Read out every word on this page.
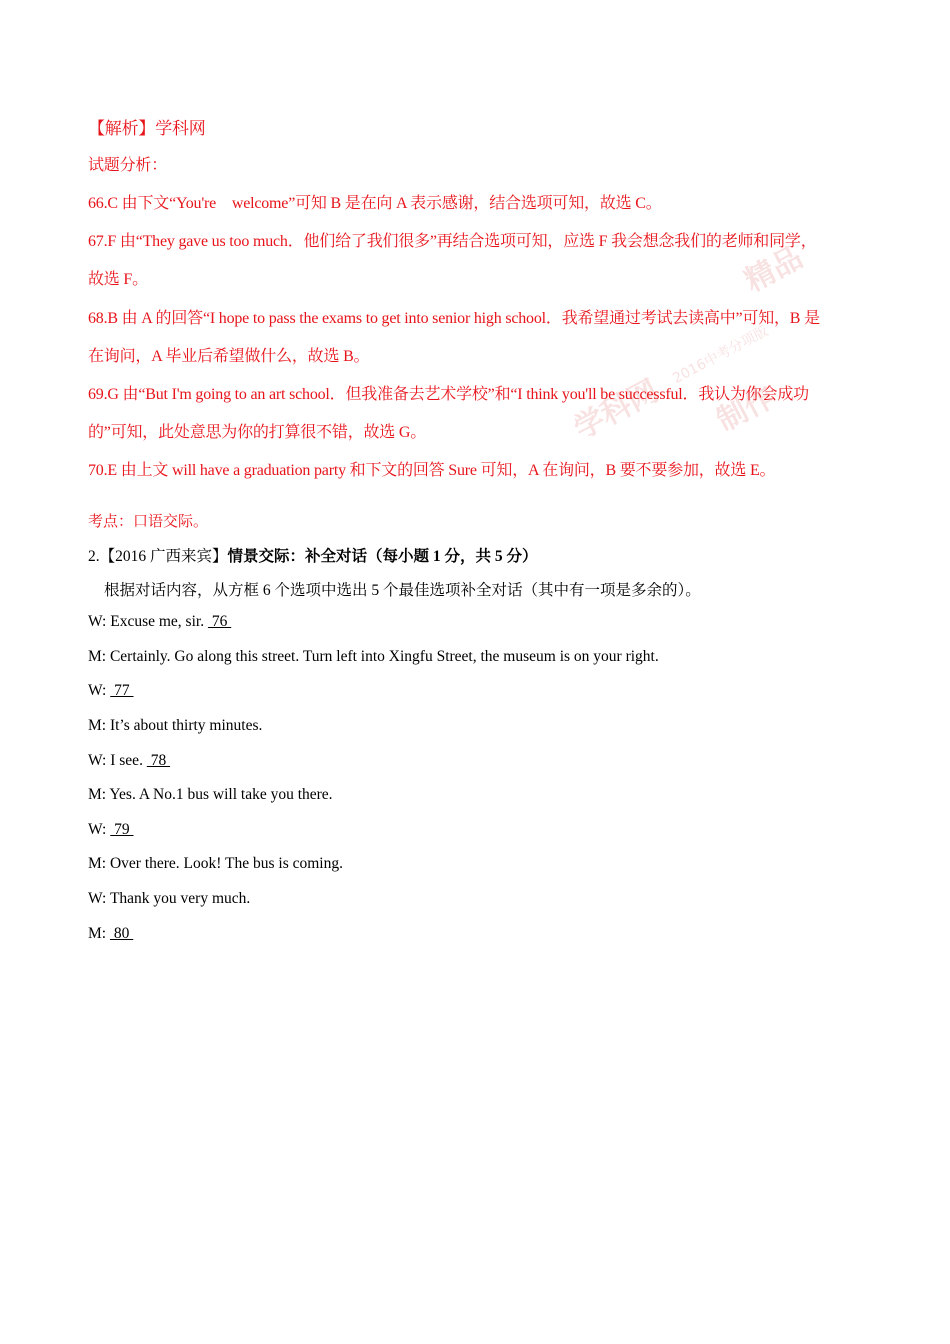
学科网
2016中考分项版
精品
制作
【解析】学科网
试题分析：
66.C 由下文“You're　welcome”可知 B 是在向 A 表示感谢，结合选项可知，故选 C。
67.F 由“They gave us too much．他们给了我们很多”再结合选项可知，应选 F 我会想念我们的老师和同学，
故选 F。
68.B 由 A 的回答“I hope to pass the exams to get into senior high school．我希望通过考试去读高中”可知，B 是
在询问，A 毕业后希望做什么，故选 B。
69.G 由“But I'm going to an art school．但我准备去艺术学校”和“I think you'll be successful．我认为你会成功
的”可知，此处意思为你的打算很不错，故选 G。
70.E 由上文 will have a graduation party 和下文的回答 Sure 可知，A 在询问，B 要不要参加，故选 E。
考点：口语交际。
2.【2016 广西来宾】情景交际：补全对话（每小题 1 分，共 5 分）
根据对话内容，从方框 6 个选项中选出 5 个最佳选项补全对话（其中有一项是多余的）。
W: Excuse me, sir.  76
M: Certainly. Go along this street. Turn left into Xingfu Street, the museum is on your right.
W:  77
M: It’s about thirty minutes.
W: I see.  78
M: Yes. A No.1 bus will take you there.
W:  79
M: Over there. Look! The bus is coming.
W: Thank you very much.
M:  80
